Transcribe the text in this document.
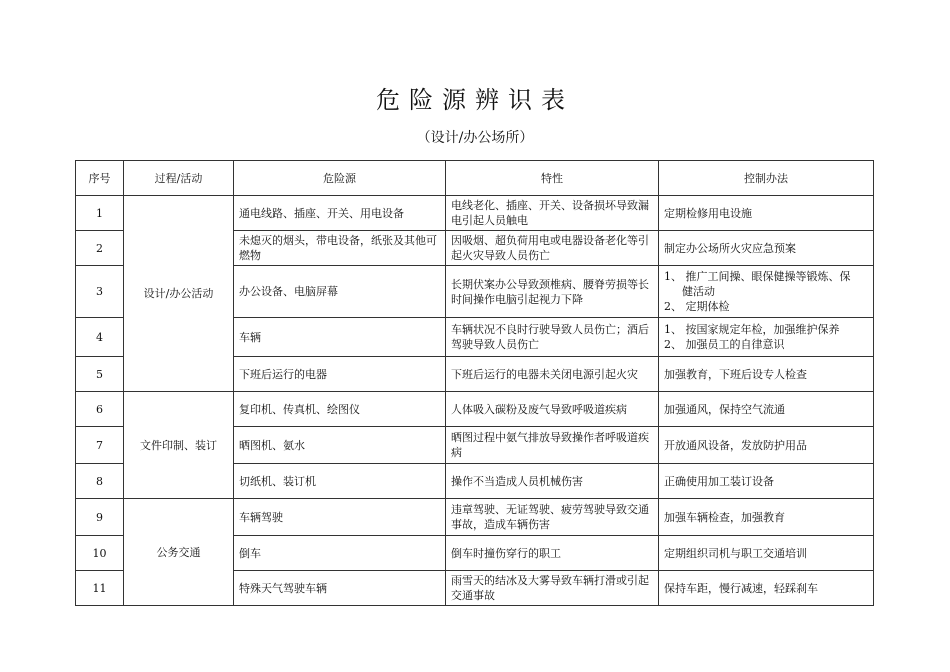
危险源辨识表
（设计/办公场所）
序号	过程/活动	危险源	特性	控制办法
1	设计/办公活动	通电线路、插座、开关、用电设备	电线老化、插座、开关、设备损坏导致漏电引起人员触电	定期检修用电设施

2		未熄灭的烟头，带电设备，纸张及其他可燃物	因吸烟、超负荷用电或电器设备老化等引起火灾导致人员伤亡	制定办公场所火灾应急预案

3		办公设备、电脑屏幕	长期伏案办公导致颈椎病、腰脊劳损等长时间操作电脑引起视力下降	1、 推广工间操、眼保健操等锻炼、保
健活动
2、 定期体检

4		车辆	车辆状况不良时行驶导致人员伤亡；酒后驾驶导致人员伤亡	1、 按国家规定年检，加强维护保养
2、 加强员工的自律意识

5		下班后运行的电器	下班后运行的电器未关闭电源引起火灾	加强教育，下班后设专人检查

6	文件印制、装订	复印机、传真机、绘图仪	人体吸入碳粉及废气导致呼吸道疾病	加强通风，保持空气流通

7		晒图机、氨水	晒图过程中氨气排放导致操作者呼吸道疾病	开放通风设备，发放防护用品

8		切纸机、装订机	操作不当造成人员机械伤害	正确使用加工装订设备

9	公务交通	车辆驾驶	违章驾驶、无证驾驶、疲劳驾驶导致交通事故，造成车辆伤害	加强车辆检查，加强教育

10		倒车	倒车时撞伤穿行的职工	定期组织司机与职工交通培训

11		特殊天气驾驶车辆	雨雪天的结冰及大雾导致车辆打滑或引起交通事故	保持车距，慢行减速，轻踩刹车
